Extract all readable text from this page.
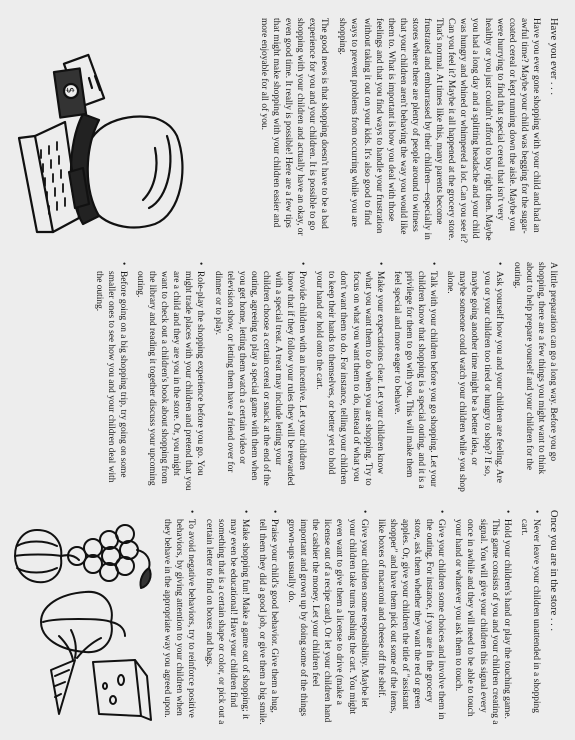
Have you ever . . .

Have you ever gone shopping with your child and had an awful time? Maybe your child was begging for the sugar-coated cereal or kept running down the aisle. Maybe you were hurrying to find that special cereal that isn't very healthy or you just couldn't afford to buy right then. Maybe you had a long day and a splitting headache and your child was hungry and whined or whimpered a lot. Can you see it? Can you feel it? Maybe it all happened at the grocery store. That's normal. At times like this, many parents become frustrated and embarrassed by their children—especially in stores where there are plenty of people around to witness that your children aren't behaving the way you would like them to. What is important is how you deal with those feelings and that you find ways to handle your frustration without taking it out on your kids. It's also good to find ways to prevent problems from occurring while you are shopping.

The good news is that shopping doesn't have to be a bad experience for you and your children. It is possible to go shopping with your children and actually have an okay, or even good time. It really is possible! Here are a few tips that might make shopping with your children easier and more enjoyable for all of you.

$

A little preparation can go a long way. Before you go shopping, there are a few things you might want to think about to help prepare yourself and your children for the outing.

• Ask yourself how you and your children are feeling. Are you or your children too tired or hungry to shop? If so, maybe going another time might be a better idea, or maybe someone could watch your children while you shop alone.
• Talk with your children before you go shopping. Let your children know that shopping is a special outing, and it is a privilege for them to go with you. This will make them feel special and more eager to behave.
• Make your expectations clear. Let your children know what you want them to do when you are shopping. Try to focus on what you want them to do, instead of what you don't want them to do. For instance, telling your children to keep their hands to themselves, or better yet to hold your hand or hold onto the cart.
• Provide children with an incentive. Let your children know that if they follow your rules they will be rewarded with a special treat. A treat may include letting your children choose a certain cereal or snack at the end of the outing, agreeing to play a special game with them when you get home, letting them watch a certain video or television show, or letting them have a friend over for dinner or to play.
• Role-play the shopping experience before you go. You might trade places with your children and pretend that you are a child and they are you in the store. Or, you might want to check out a children's book about shopping from the library and reading it together discuss your upcoming outing.
• Before going on a big shopping trip, try going on some smaller ones to see how you and your children deal with the outing.
Once you are in the store . . .
• Never leave your children unattended in a shopping cart.
• Hold your children's hand or play the touching game. This game consists of you and your children creating a signal. You will give your children this signal every once in awhile and they will need to be able to touch your hand or whatever you ask them to touch.
• Give your children some choices and involve them in the outing. For instance, if you are in the grocery store, ask them whether they want the red or green apples. Or, give your children the title of "assistant shopper" and have them pick out some of the items, like boxes of macaroni and cheese off the shelf.
• Give your children some responsibility. Maybe let your children take turns pushing the cart. You might even want to give them a license to drive (make a license out of a recipe card). Or let your children hand the cashier the money. Let your children feel important and grown up by doing some of the things grown-ups usually do.
• Praise your child's good behavior. Give them a hug, tell them they did a good job, or give them a big smile.
• Make shopping fun! Make a game out of shopping; it may even be educational! Have your children find something that is a certain shape or color, or pick out a certain letter to find on boxes and bags.
• To avoid negative behaviors, try to reinforce positive behaviors, by giving attention to your children when they behave in the appropriate way you agreed upon.
